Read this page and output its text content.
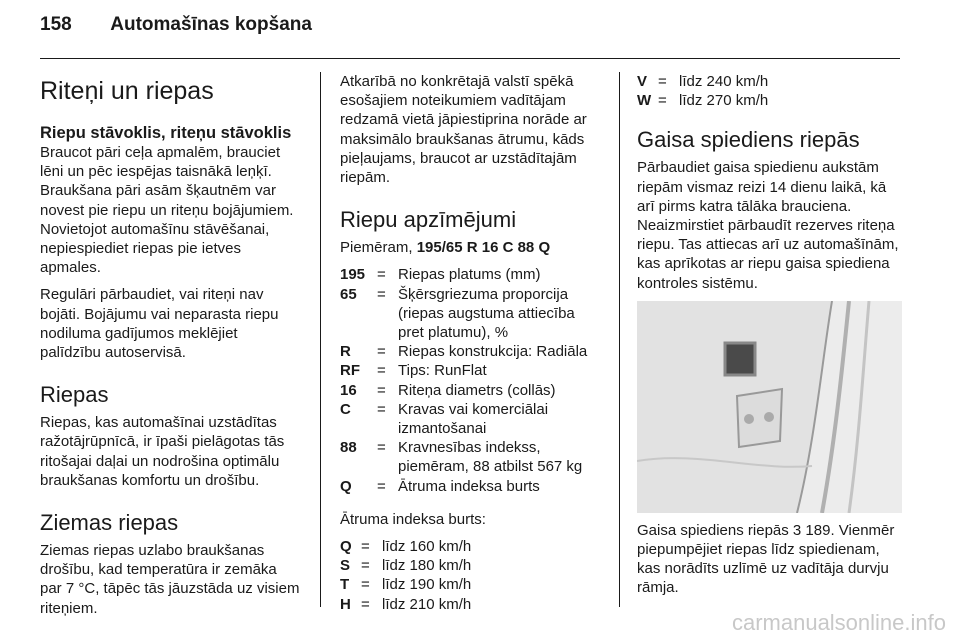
158 Automašīnas kopšana
Riteņi un riepas
Riepu stāvoklis, riteņu stāvoklis

Braucot pāri ceļa apmalēm, brauciet lēni un pēc iespējas taisnākā leņķī. Braukšana pāri asām šķautnēm var novest pie riepu un riteņu bojājumiem. Novietojot automašīnu stāvēšanai, nepiespiediet riepas pie ietves apmales.

Regulāri pārbaudiet, vai riteņi nav bojāti. Bojājumu vai neparasta riepu nodiluma gadījumos meklējiet palīdzību autoservisā.

Riepas

Riepas, kas automašīnai uzstādītas ražotājrūpnīcā, ir īpaši pielāgotas tās ritošajai daļai un nodrošina optimālu braukšanas komfortu un drošību.

Ziemas riepas

Ziemas riepas uzlabo braukšanas drošību, kad temperatūra ir zemāka par 7 °C, tāpēc tās jāuzstāda uz visiem riteņiem.

Atkarībā no konkrētajā valstī spēkā esošajiem noteikumiem vadītājam redzamā vietā jāpiestiprina norāde ar maksimālo braukšanas ātrumu, kāds pieļaujams, braucot ar uzstādītajām riepām.

Riepu apzīmējumi

Piemēram, 195/65 R 16 C 88 Q

195 = Riepas platums (mm)
65	= Šķērsgriezuma proporcija (riepas augstuma attiecība pret platumu), %
R	= Riepas konstrukcija: Radiāla
RF	= Tips: RunFlat
16	= Riteņa diametrs (collās)
C	= Kravas vai komerciālai izmantošanai
88	= Kravnesības indekss, piemēram, 88 atbilst 567 kg
Q	= Ātruma indeksa burts

Ātruma indeksa burts:

Q = līdz 160 km/h
S = līdz 180 km/h
T = līdz 190 km/h
H = līdz 210 km/h
V = līdz 240 km/h
W = līdz 270 km/h
Gaisa spiediens riepās

Pārbaudiet gaisa spiedienu aukstām riepām vismaz reizi 14 dienu laikā, kā arī pirms katra tālāka brauciena. Neaizmirstiet pārbaudīt rezerves riteņa riepu. Tas attiecas arī uz automašīnām, kas aprīkotas ar riepu gaisa spiediena kontroles sistēmu.

Gaisa spiediens riepās 3 189. Vienmēr piepumpējiet riepas līdz spiedienam, kas norādīts uzlīmē uz vadītāja durvju rāmja.

carmanualsonline.info
